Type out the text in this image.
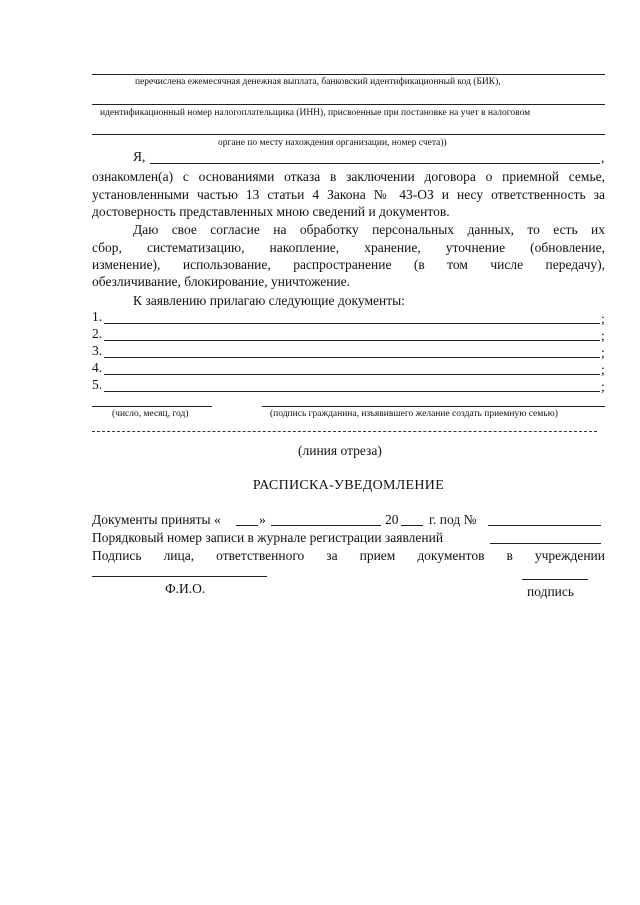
перечислена ежемесячная денежная выплата, банковский идентификационный код (БИК),
идентификационный номер налогоплательщика (ИНН), присвоенные при постановке на учет в налоговом
органе по месту нахождения организации, номер счета))
Я,	,
ознакомлен(а) с основаниями отказа в заключении договора о приемной семье,
установленными частью 13 статьи 4 Закона № 43-ОЗ и несу ответственность за
достоверность представленных мною сведений и документов.
Даю свое согласие на обработку персональных данных, то есть их
сбор, систематизацию, накопление, хранение, уточнение (обновление,
изменение), использование, распространение (в том числе передачу),
обезличивание, блокирование, уничтожение.
К заявлению прилагаю следующие документы:
1.	;
2.	;
3.	;
4.	;
5.	;
(число, месяц, год)	(подпись гражданина, изъявившего желание создать приемную семью)
(линия отреза)
РАСПИСКА-УВЕДОМЛЕНИЕ
Документы приняты «	»	20 г. под №
Порядковый номер записи в журнале регистрации заявлений
Подпись лица, ответственного за прием документов в учреждении
Ф.И.О.	подпись
